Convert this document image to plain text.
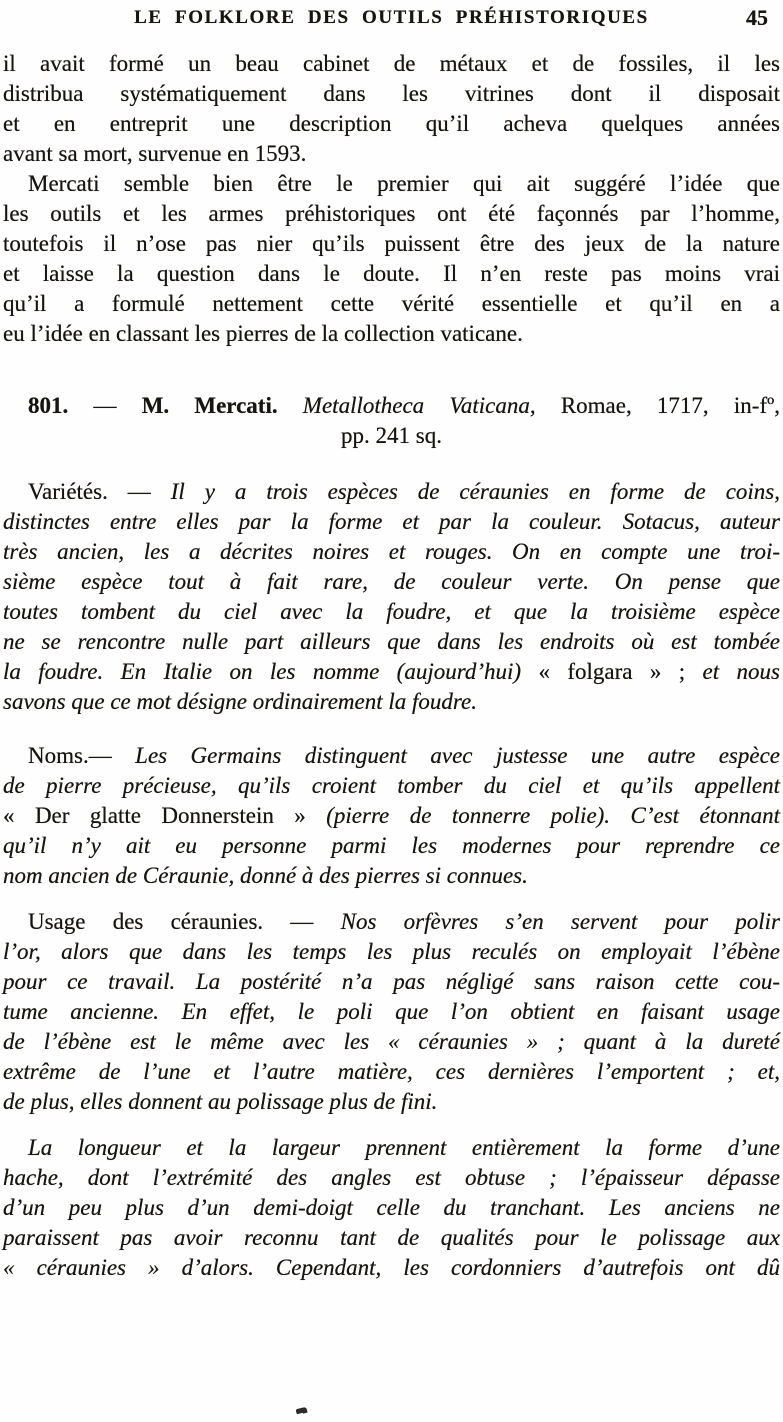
LE FOLKLORE DES OUTILS PRÉHISTORIQUES	45
il avait formé un beau cabinet de métaux et de fossiles, il les
distribua systématiquement dans les vitrines dont il disposait
et en entreprit une description qu’il acheva quelques années
avant sa mort, survenue en 1593.
Mercati semble bien être le premier qui ait suggéré l’idée que
les outils et les armes préhistoriques ont été façonnés par l’homme,
toutefois il n’ose pas nier qu’ils puissent être des jeux de la nature
et laisse la question dans le doute. Il n’en reste pas moins vrai
qu’il a formulé nettement cette vérité essentielle et qu’il en a
eu l’idée en classant les pierres de la collection vaticane.
801. — M. Mercati. Metallotheca Vaticana, Romae, 1717, in-fº,
pp. 241 sq.
Variétés. — Il y a trois espèces de céraunies en forme de coins,
distinctes entre elles par la forme et par la couleur. Sotacus, auteur
très ancien, les a décrites noires et rouges. On en compte une troi-
sième espèce tout à fait rare, de couleur verte. On pense que
toutes tombent du ciel avec la foudre, et que la troisième espèce
ne se rencontre nulle part ailleurs que dans les endroits où est tombée
la foudre. En Italie on les nomme (aujourd’hui) « folgara » ; et nous
savons que ce mot désigne ordinairement la foudre.
Noms.— Les Germains distinguent avec justesse une autre espèce
de pierre précieuse, qu’ils croient tomber du ciel et qu’ils appellent
« Der glatte Donnerstein » (pierre de tonnerre polie). C’est étonnant
qu’il n’y ait eu personne parmi les modernes pour reprendre ce
nom ancien de Céraunie, donné à des pierres si connues.
Usage des céraunies. — Nos orfèvres s’en servent pour polir
l’or, alors que dans les temps les plus reculés on employait l’ébène
pour ce travail. La postérité n’a pas négligé sans raison cette cou-
tume ancienne. En effet, le poli que l’on obtient en faisant usage
de l’ébène est le même avec les « céraunies » ; quant à la dureté
extrême de l’une et l’autre matière, ces dernières l’emportent ; et,
de plus, elles donnent au polissage plus de fini.
La longueur et la largeur prennent entièrement la forme d’une
hache, dont l’extrémité des angles est obtuse ; l’épaisseur dépasse
d’un peu plus d’un demi-doigt celle du tranchant. Les anciens ne
paraissent pas avoir reconnu tant de qualités pour le polissage aux
« céraunies » d’alors. Cependant, les cordonniers d’autrefois ont dû
